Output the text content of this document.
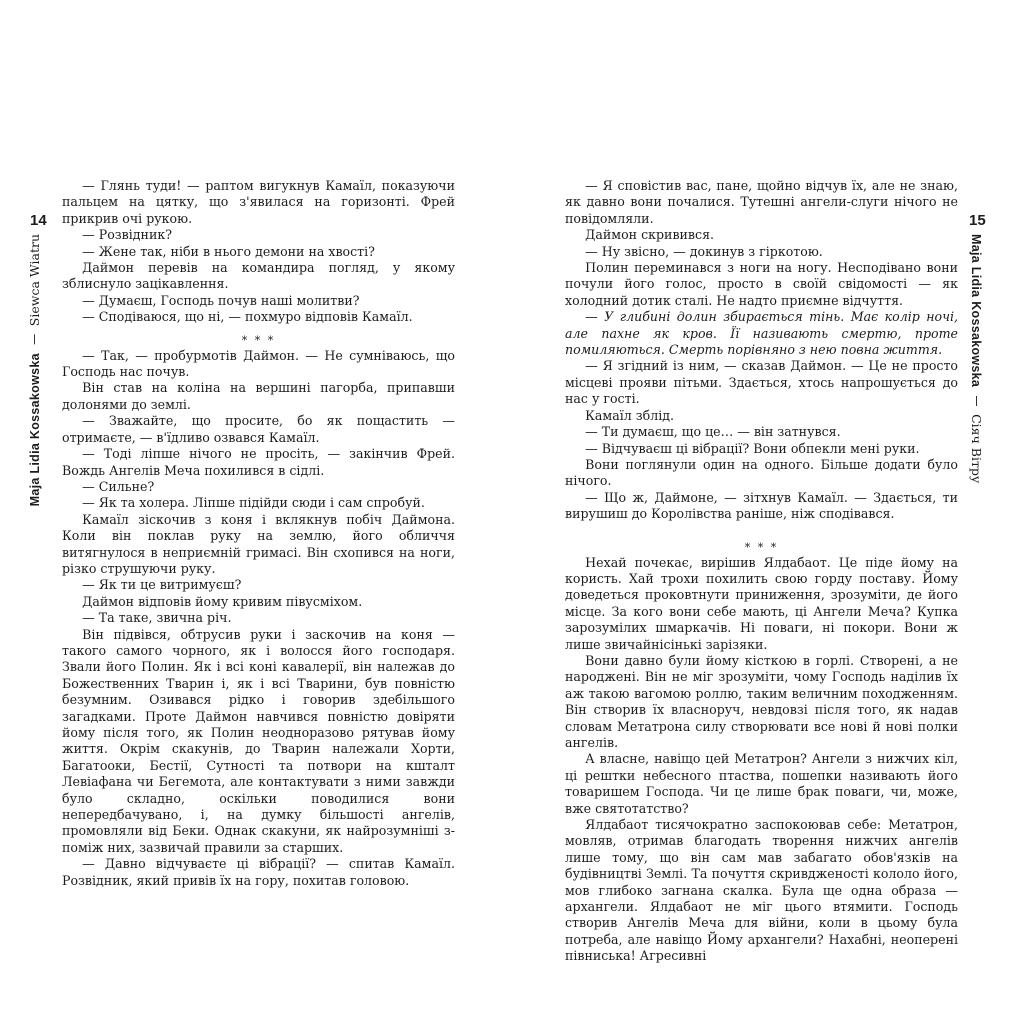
14
Maja Lidia Kossakowska  Siewca Wiatru

— Глянь туди! — раптом вигукнув Камаїл, показуючи пальцем на цятку, що з'явилася на горизонті. Фрей прикрив очі рукою.

— Розвідник?

— Жене так, ніби в нього демони на хвості?

Даймон перевів на командира погляд, у якому зблиснуло зацікавлення.

— Думаєш, Господь почув наші молитви?

— Сподіваюся, що ні, — похмуро відповів Камаїл.

* * *

— Так, — пробурмотів Даймон. — Не сумніваюсь, що Господь нас почув.

Він став на коліна на вершині пагорба, припавши долонями до землі.

— Зважайте, що просите, бо як пощастить — отримаєте, — в'їдливо озвався Камаїл.

— Тоді ліпше нічого не просіть, — закінчив Фрей. Вождь Ангелів Меча похилився в сідлі.

— Сильне?

— Як та холера. Ліпше підійди сюди і сам спробуй.

Камаїл зіскочив з коня і вклякнув побіч Даймона. Коли він поклав руку на землю, його обличчя витягнулося в неприємній гримасі. Він схопився на ноги, різко струшуючи руку.

— Як ти це витримуєш?

Даймон відповів йому кривим півусміхом.

— Та таке, звична річ.

Він підвівся, обтрусив руки і заскочив на коня — такого самого чорного, як і волосся його господаря. Звали його Полин. Як і всі коні кавалерії, він належав до Божественних Тварин і, як і всі Тварини, був повністю безумним. Озивався рідко і говорив здебільшого загадками. Проте Даймон навчився повністю довіряти йому після того, як Полин неодноразово рятував йому життя. Окрім скакунів, до Тварин належали Хорти, Багатооки, Бестії, Сутності та потвори на кшталт Левіафана чи Бегемота, але контактувати з ними завжди було складно, оскільки поводилися вони непередбачувано, і, на думку більшості ангелів, промовляли від Беки. Однак скакуни, як найрозумніші з-поміж них, зазвичай правили за старших.

— Давно відчуваєте ці вібрації? — спитав Камаїл. Розвідник, який привів їх на гору, похитав головою.

15
Maja Lidia Kossakowska  Сіяч Вітру

— Я сповістив вас, пане, щойно відчув їх, але не знаю, як давно вони почалися. Тутешні ангели-слуги нічого не повідомляли.

Даймон скривився.

— Ну звісно, — докинув з гіркотою.

Полин переминався з ноги на ногу. Несподівано вони почули його голос, просто в своїй свідомості — як холодний дотик сталі. Не надто приємне відчуття.

— У глибині долин збирається тінь. Має колір ночі, але пахне як кров. Її називають смертю, проте помиляються. Смерть порівняно з нею повна життя.

— Я згідний із ним, — сказав Даймон. — Це не просто місцеві прояви пітьми. Здається, хтось напрошується до нас у гості.

Камаїл зблід.

— Ти думаєш, що це… — він затнувся.

— Відчуваєш ці вібрації? Вони обпекли мені руки.

Вони поглянули один на одного. Більше додати було нічого.

— Що ж, Даймоне, — зітхнув Камаїл. — Здається, ти вирушиш до Королівства раніше, ніж сподівався.

* * *

Нехай почекає, вирішив Ялдабаот. Це піде йому на користь. Хай трохи похилить свою горду поставу. Йому доведеться проковтнути приниження, зрозуміти, де його місце. За кого вони себе мають, ці Ангели Меча? Купка зарозумілих шмаркачів. Ні поваги, ні покори. Вони ж лише звичайнісінькі зарізяки.

Вони давно були йому кісткою в горлі. Створені, а не народжені. Він не міг зрозуміти, чому Господь наділив їх аж такою вагомою роллю, таким величним походженням. Він створив їх власноруч, невдовзі після того, як надав словам Метатрона силу створювати все нові й нові полки ангелів.

А власне, навіщо цей Метатрон? Ангели з нижчих кіл, ці рештки небесного птаства, пошепки називають його товаришем Господа. Чи це лише брак поваги, чи, може, вже святотатство?

Ялдабаот тисячократно заспокоював себе: Метатрон, мовляв, отримав благодать творення нижчих ангелів лише тому, що він сам мав забагато обов'язків на будівництві Землі. Та почуття скривдженості кололо його, мов глибоко загнана скалка. Була ще одна образа — архангели. Ялдабаот не міг цього втямити. Господь створив Ангелів Меча для війни, коли в цьому була потреба, але навіщо Йому архангели? Нахабні, неоперені півниська! Агресивні
